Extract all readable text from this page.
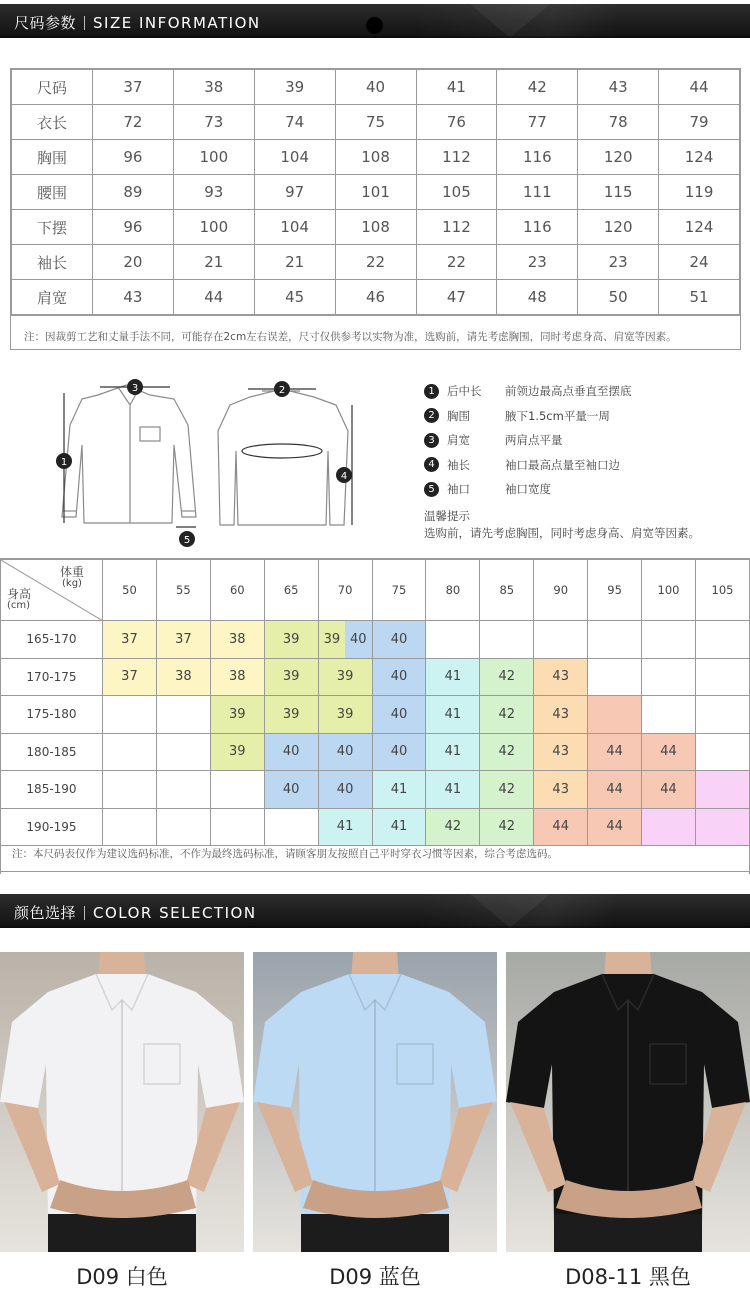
尺码参数 SIZE INFORMATION
尺码	37	38	39	40	41	42	43	44
衣长	72	73	74	75	76	77	78	79
胸围	96	100	104	108	112	116	120	124
腰围	89	93	97	101	105	111	115	119
下摆	96	100	104	108	112	116	120	124
袖长	20	21	21	22	22	23	23	24
肩宽	43	44	45	46	47	48	50	51
注：因裁剪工艺和丈量手法不同，可能存在2cm左右误差，尺寸仅供参考以实物为准，选购前，请先考虑胸围，同时考虑身高、肩宽等因素。
3	2
1
4
5
1	后中长	前领边最高点垂直至摆底
2	胸围	腋下1.5cm平量一周
3	肩宽	两肩点平量
4	袖长	袖口最高点量至袖口边
5	袖口	袖口宽度
温馨提示
选购前，请先考虑胸围，同时考虑身高、肩宽等因素。
体重
(kg)
身高
(cm)	50	55	60	65	70	75	80	85	90	95	100	105
165-170	37	37	38	39	39 40	40						
170-175	37	38	38	39	39	40	41	42	43			
175-180			39	39	39	40	41	42	43			
180-185			39	40	40	40	41	42	43	44	44	
185-190				40	40	41	41	42	43	44	44	
190-195					41	41	42	42	44	44		

注：本尺码表仅作为建议选码标准，不作为最终选码标准，请顾客朋友按照自己平时穿衣习惯等因素，综合考虑选码。
颜色选择 COLOR SELECTION
D09 白色	D09 蓝色	D08-11 黑色
